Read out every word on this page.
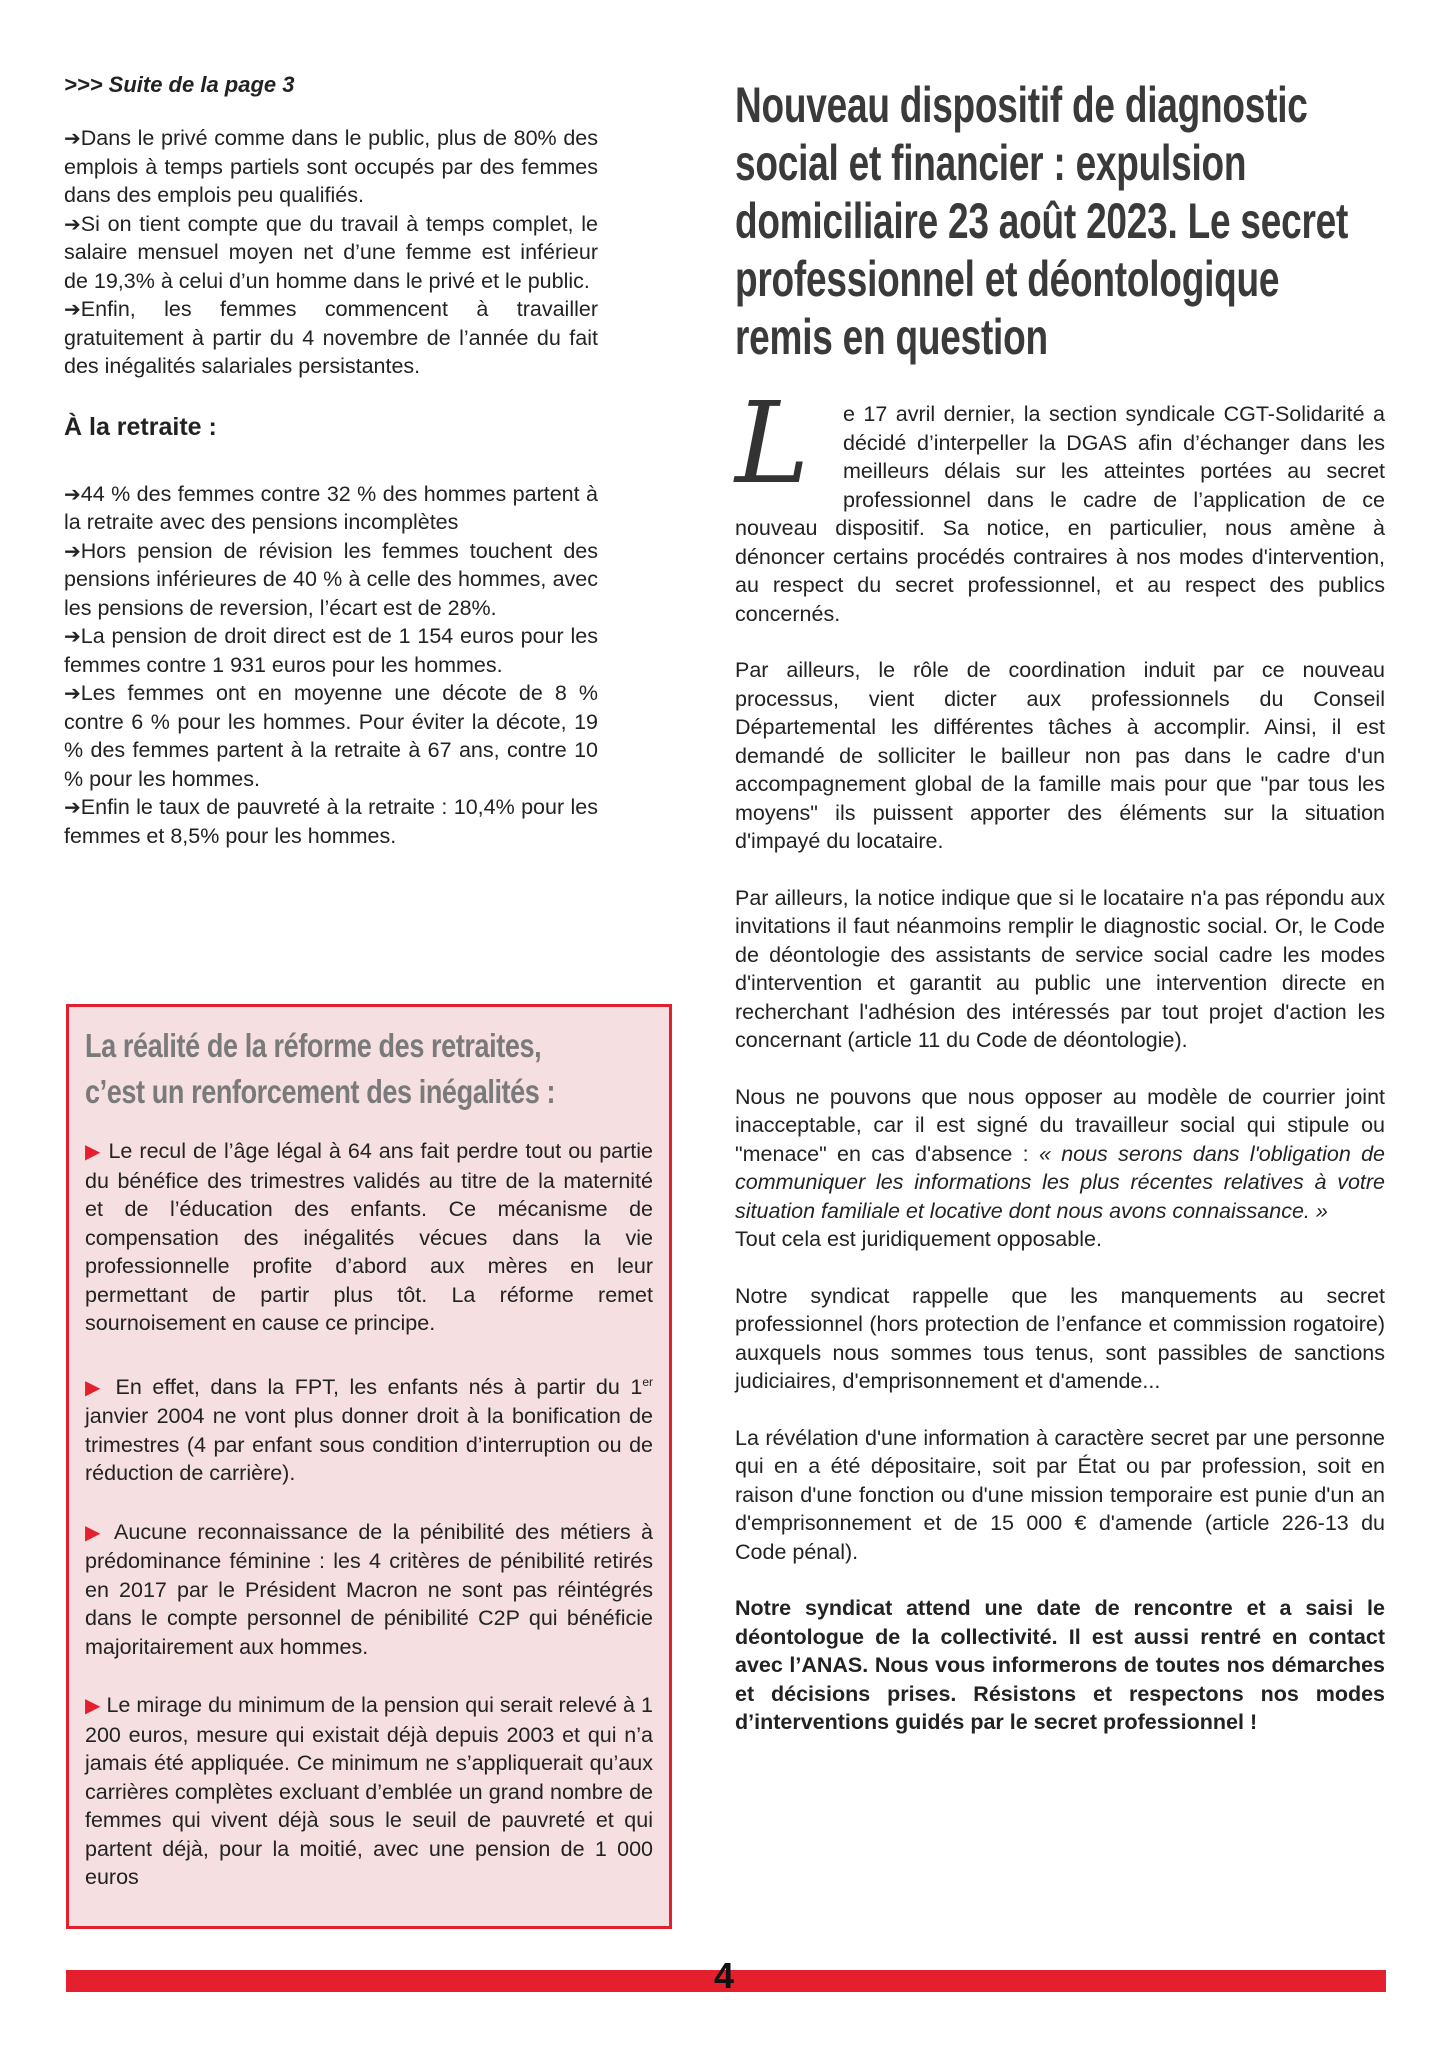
>>> Suite de la page 3

➔Dans le privé comme dans le public, plus de 80% des emplois à temps partiels sont occupés par des femmes dans des emplois peu qualifiés.

➔Si on tient compte que du travail à temps complet, le salaire mensuel moyen net d’une femme est inférieur de 19,3% à celui d’un homme dans le privé et le public.

➔Enfin, les femmes commencent à travailler gratuitement à partir du 4 novembre de l’année du fait des inégalités salariales persistantes.

À la retraite :

➔44 % des femmes contre 32 % des hommes partent à la retraite avec des pensions incomplètes

➔Hors pension de révision les femmes touchent des pensions inférieures de 40 % à celle des hommes, avec les pensions de reversion, l’écart est de 28%.

➔La pension de droit direct est de 1 154 euros pour les femmes contre 1 931 euros pour les hommes.

➔Les femmes ont en moyenne une décote de 8 % contre 6 % pour les hommes. Pour éviter la décote, 19 % des femmes partent à la retraite à 67 ans, contre 10 % pour les hommes.

➔Enfin le taux de pauvreté à la retraite : 10,4% pour les femmes et 8,5% pour les hommes.

La réalité de la réforme des retraites,
c’est un renforcement des inégalités :

▶ Le recul de l’âge légal à 64 ans fait perdre tout ou partie du bénéfice des trimestres validés au titre de la maternité et de l’éducation des enfants. Ce mécanisme de compensation des inégalités vécues dans la vie professionnelle profite d’abord aux mères en leur permettant de partir plus tôt. La réforme remet sournoisement en cause ce principe.

▶ En effet, dans la FPT, les enfants nés à partir du 1er janvier 2004 ne vont plus donner droit à la bonification de trimestres (4 par enfant sous condition d’interruption ou de réduction de carrière).

▶ Aucune reconnaissance de la pénibilité des métiers à prédominance féminine : les 4 critères de pénibilité retirés en 2017 par le Président Macron ne sont pas réintégrés dans le compte personnel de pénibilité C2P qui bénéficie majoritairement aux hommes.

▶ Le mirage du minimum de la pension qui serait relevé à 1 200 euros, mesure qui existait déjà depuis 2003 et qui n’a jamais été appliquée. Ce minimum ne s’appliquerait qu’aux carrières complètes excluant d’emblée un grand nombre de femmes qui vivent déjà sous le seuil de pauvreté et qui partent déjà, pour la moitié, avec une pension de 1 000 euros

Nouveau dispositif de diagnostic social et financier : expulsion domiciliaire 23 août 2023. Le secret professionnel et déontologique remis en question
L	e 17 avril dernier, la section syndicale CGT-Solidarité a décidé d’interpeller la DGAS afin d’échanger dans les meilleurs délais sur les atteintes portées au secret professionnel dans le cadre de l’application de ce nouveau dispositif. Sa notice, en particulier, nous amène à dénoncer certains procédés contraires à nos modes d'intervention, au respect du secret professionnel, et au respect des publics concernés.

Par ailleurs, le rôle de coordination induit par ce nouveau processus, vient dicter aux professionnels du Conseil Départemental les différentes tâches à accomplir. Ainsi, il est demandé de solliciter le bailleur non pas dans le cadre d'un accompagnement global de la famille mais pour que "par tous les moyens" ils puissent apporter des éléments sur la situation d'impayé du locataire.

Par ailleurs, la notice indique que si le locataire n'a pas répondu aux invitations il faut néanmoins remplir le diagnostic social. Or, le Code de déontologie des assistants de service social cadre les modes d'intervention et garantit au public une intervention directe en recherchant l'adhésion des intéressés par tout projet d'action les concernant (article 11 du Code de déontologie).

Nous ne pouvons que nous opposer au modèle de courrier joint inacceptable, car il est signé du travailleur social qui stipule ou "menace" en cas d'absence : « nous serons dans l'obligation de communiquer les informations les plus récentes relatives à votre situation familiale et locative dont nous avons connaissance. »
Tout cela est juridiquement opposable.

Notre syndicat rappelle que les manquements au secret professionnel (hors protection de l’enfance et commission rogatoire) auxquels nous sommes tous tenus, sont passibles de sanctions judiciaires, d'emprisonnement et d'amende...

La révélation d'une information à caractère secret par une personne qui en a été dépositaire, soit par État ou par profession, soit en raison d'une fonction ou d'une mission temporaire est punie d'un an d'emprisonnement et de 15 000 € d'amende (article 226-13 du Code pénal).

Notre syndicat attend une date de rencontre et a saisi le déontologue de la collectivité. Il est aussi rentré en contact avec l’ANAS. Nous vous informerons de toutes nos démarches et décisions prises. Résistons et respectons nos modes d’interventions guidés par le secret professionnel !

4
